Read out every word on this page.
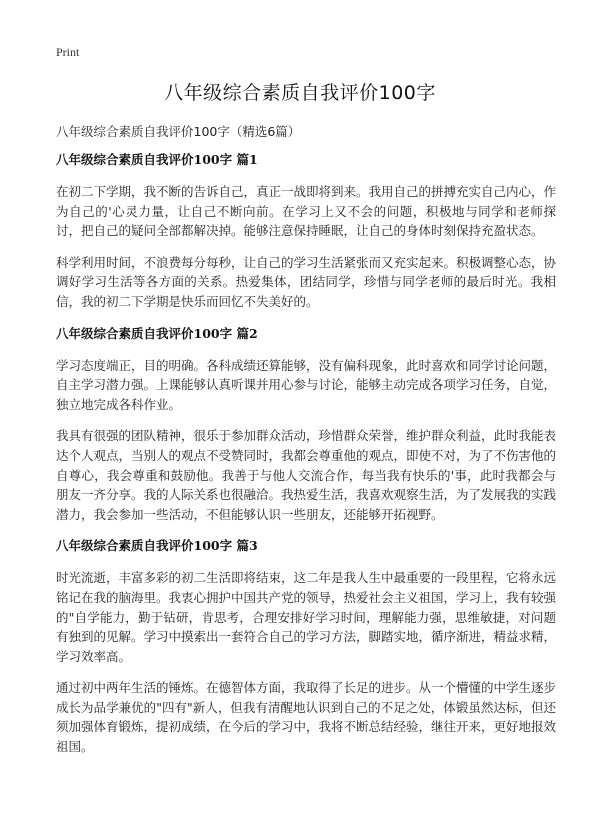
Print
八年级综合素质自我评价100字
八年级综合素质自我评价100字（精选6篇）
八年级综合素质自我评价100字 篇1

在初二下学期，我不断的告诉自己，真正一战即将到来。我用自己的拼搏充实自己内心，作为自己的'心灵力量，让自己不断向前。在学习上又不会的问题，积极地与同学和老师探讨，把自己的疑问全部都解决掉。能够注意保持睡眠，让自己的身体时刻保持充盈状态。

科学利用时间，不浪费每分每秒，让自己的学习生活紧张而又充实起来。积极调整心态，协调好学习生活等各方面的关系。热爱集体，团结同学，珍惜与同学老师的最后时光。我相信，我的初二下学期是快乐而回忆不失美好的。

八年级综合素质自我评价100字 篇2

学习态度端正，目的明确。各科成绩还算能够，没有偏科现象，此时喜欢和同学讨论问题，自主学习潜力强。上课能够认真听课并用心参与讨论，能够主动完成各项学习任务，自觉，独立地完成各科作业。

我具有很强的团队精神，很乐于参加群众活动，珍惜群众荣誉，维护群众利益，此时我能表达个人观点，当别人的观点不受赞同时，我都会尊重他的观点，即使不对，为了不伤害他的自尊心，我会尊重和鼓励他。我善于与他人交流合作，每当我有快乐的'事，此时我都会与朋友一齐分享。我的人际关系也很融洽。我热爱生活，我喜欢观察生活，为了发展我的实践潜力，我会参加一些活动，不但能够认识一些朋友，还能够开拓视野。

八年级综合素质自我评价100字 篇3

时光流逝，丰富多彩的初二生活即将结束，这二年是我人生中最重要的一段里程，它将永远铭记在我的脑海里。我衷心拥护中国共产党的领导，热爱社会主义祖国，学习上，我有较强的"自学能力，勤于钻研，肯思考，合理安排好学习时间，理解能力强，思维敏捷，对问题有独到的见解。学习中摸索出一套符合自己的学习方法，脚踏实地，循序渐进，精益求精，学习效率高。

通过初中两年生活的锤炼。在德智体方面，我取得了长足的进步。从一个懵懂的中学生逐步成长为品学兼优的"四有"新人，但我有清醒地认识到自己的不足之处，体锻虽然达标，但还须加强体育锻炼，提初成绩，在今后的学习中，我将不断总结经验，继往开来，更好地报效祖国。
